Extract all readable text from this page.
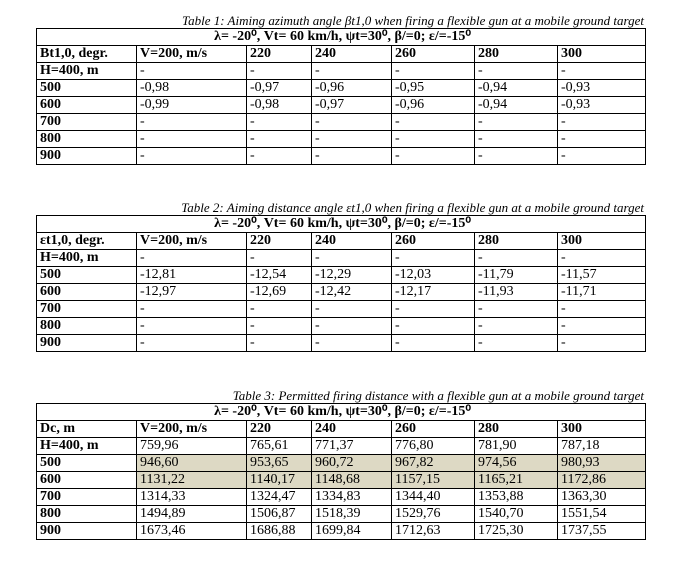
Table 1: Aiming azimuth angle βt1,0 when firing a flexible gun at a mobile ground target
λ= -20⁰, Vt= 60 km/h, ψt=30⁰, β/=0; ε/=-15⁰						
Bt1,0, degr.	V=200, m/s	220	240	260	280	300
H=400, m	-	-	-	-	-	-
500	-0,98	-0,97	-0,96	-0,95	-0,94	-0,93
600	-0,99	-0,98	-0,97	-0,96	-0,94	-0,93
700	-	-	-	-	-	-
800	-	-	-	-	-	-
900	-	-	-	-	-	-
Table 2: Aiming distance angle εt1,0 when firing a flexible gun at a mobile ground target
λ= -20⁰, Vt= 60 km/h, ψt=30⁰, β/=0; ε/=-15⁰						
εt1,0, degr.	V=200, m/s	220	240	260	280	300
H=400, m	-	-	-	-	-	-
500	-12,81	-12,54	-12,29	-12,03	-11,79	-11,57
600	-12,97	-12,69	-12,42	-12,17	-11,93	-11,71
700	-	-	-	-	-	-
800	-	-	-	-	-	-
900	-	-	-	-	-	-
Table 3: Permitted firing distance with a flexible gun at a mobile ground target
λ= -20⁰, Vt= 60 km/h, ψt=30⁰, β/=0; ε/=-15⁰						
Dc, m	V=200, m/s	220	240	260	280	300
H=400, m	759,96	765,61	771,37	776,80	781,90	787,18
500	946,60	953,65	960,72	967,82	974,56	980,93
600	1131,22	1140,17	1148,68	1157,15	1165,21	1172,86
700	1314,33	1324,47	1334,83	1344,40	1353,88	1363,30
800	1494,89	1506,87	1518,39	1529,76	1540,70	1551,54
900	1673,46	1686,88	1699,84	1712,63	1725,30	1737,55
